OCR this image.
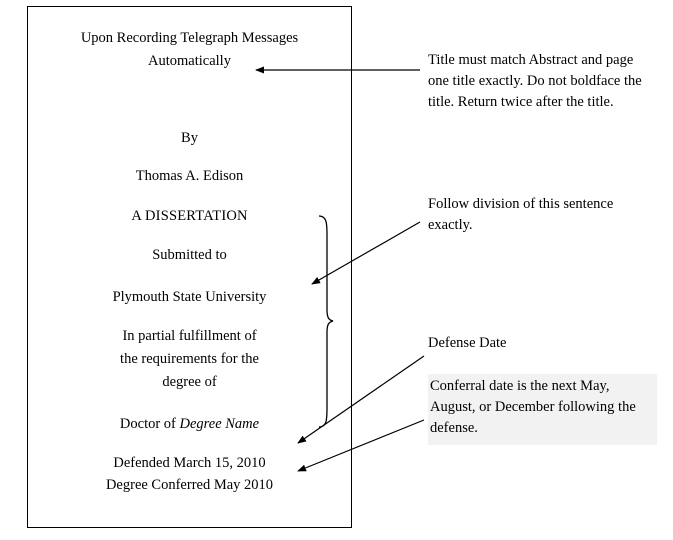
Upon Recording Telegraph Messages
Automatically
By
Thomas A. Edison
A DISSERTATION
Submitted to
Plymouth State University
In partial fulfillment of
the requirements for the
degree of
Doctor of Degree Name
Defended March 15, 2010
Degree Conferred May 2010
Title must match Abstract and page one title exactly. Do not boldface the title. Return twice after the title.
Follow division of this sentence exactly.
Defense Date
Conferral date is the next May, August, or December following the defense.
